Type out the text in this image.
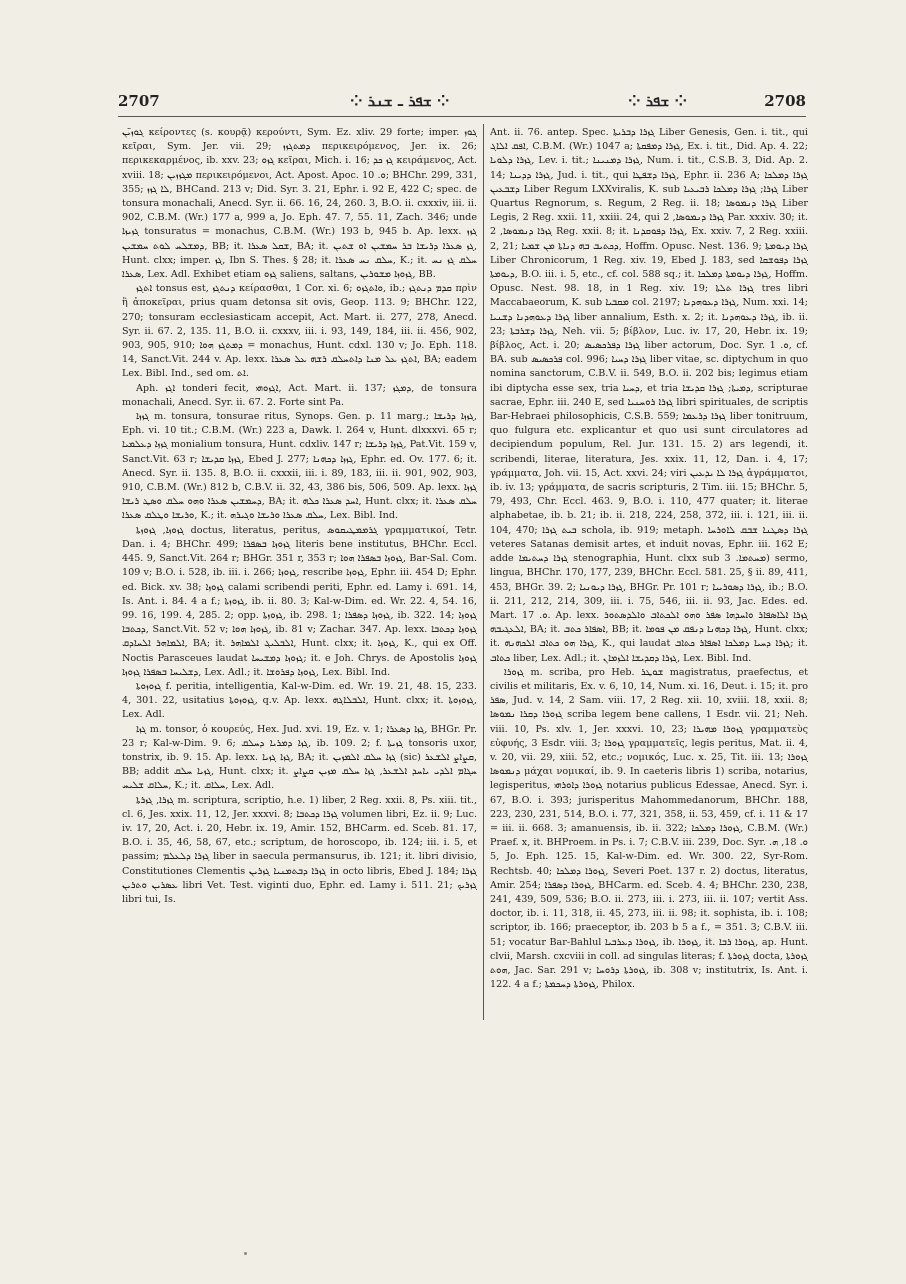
2707	⁘ ܫܦܪ ـ ܫܢܪ ⁘	⁘ ܫܦܪ ⁘	2708

ܓܘܙܝ̈ܢ κείροντες (s. κουρᾷ) κερούντι, Sym. Ez. xliv. 29 forte; imper. ܓܘܙ κεῖραι, Sym. Jer. vii. 29; ܕܡܬܓܙܙ περικειρόμενος, Jer. ix. 26; περικεκαρμένος, ib. xxv. 23; ܓܙܘ κεῖραι, Mich. i. 16; ܓܙ ܟܕ κειράμενος, Act. xviii. 18; ܡܓܙܙܝܢ περικειρόμενοι, Act. Apost. Apoc. ܘ. 10; BHChr. 299, 331, 355; ܠܐ ܓܙܙ, BHCand. 213 v; Did. Syr. 3. 21, Ephr. i. 92 E, 422 C; spec. de tonsura monachali, Anecd. Syr. ii. 66. 16, 24, 260. 3, B.O. ii. cxxxiv, iii. ii. 902, C.B.M. (Wr.) 177 a, 999 a, Jo. Eph. 47. 7, 55. 11, Zach. 346; unde ܓܙܝܙܐ tonsuratus = monachus, C.B.M. (Wr.) 193 b, 945 b. Ap. lexx. ܓܙܙ ܕܡܫܠܚ ܠܘܬ ܚܡܫܝܢ, BB; it. ܫܩܠ ܣܥܪܐ, BA; it. ܓܙ ܣܥܪܐ ܕܪܝܫܐ ܒܪ ܚܡܫܝܢ ܐܘ ܫܬܝܢ, Hunt. clxx; imper. ܓܙ, Ibn S. Thes. § 28; it. ܚܠܩ ܢܚ ܣܥܪܐ, K.; it. ܚܠܩ ܓܙ ܢܚ ܣܥܪܐ, Lex. Adl. Exhibet etiam ܓܙܘ saliens, saltans, ܓܙܘܙܐ ܡܫܘܪܝܢ, BB.

ܐܬܓܙ tonsus est, ܕܢܬܓܙ κείρασθαι, 1 Cor. xi. 6; ܘܐܬܓܙܘ, ib.; ܩܕܡ ܕܢܬܓܙ πρὶν ἢ ἀποκεῖραι, prius quam detonsa sit ovis, Geop. 113. 9; BHChr. 122, 270; tonsuram ecclesiasticam accepit, Act. Mart. ii. 277, 278, Anecd. Syr. ii. 67. 2, 135. 11, B.O. ii. cxxxv, iii. i. 93, 149, 184, iii. ii. 456, 902, 903, 905, 910; ܕܡܬܓܙ ܗܘܐ = monachus, Hunt. cdxl. 130 v; Jo. Eph. 118. 14, Sanct.Vit. 244 v. Ap. lexx. ܐܬܓܙ ܥܠ ܡܢܐ ܕܐܬܚܠܩ ܪܫܗ ܥܠ ܣܥܪܐ, BA; eadem Lex. Bibl. Ind., sed om. ܐܬ.

Aph. ܐܓܙ tonderi fecit, ܐܓܙܘܗܝ, Act. Mart. ii. 137; ܕܡܓܙ, de tonsura monachali, Anecd. Syr. ii. 67. 2. Forte sint Pa.

ܓܙܙܐ m. tonsura, tonsurae ritus, Synops. Gen. p. 11 marg.; ܓܙܙܐ ܕܪܝܫܐ, Eph. vi. 10 tit.; C.B.M. (Wr.) 223 a, Dawk. l. 264 v, Hunt. dlxxxvi. 65 r; ܓܙܙܐ ܕܥܠܡܝܐ monialium tonsura, Hunt. cdxliv. 147 r; ܓܙܙܐ ܕܪܝܫܐ, Pat.Vit. 159 v, Sanct.Vit. 63 r; ܓܙܙܐ ܩܕܝܫܐ, Ebed J. 277; ܓܙܙܐ ܕܟܗܢܐ, Ephr. ed. Ov. 177. 6; it. Anecd. Syr. ii. 135. 8, B.O. ii. cxxxii, iii. i. 89, 183, iii. ii. 901, 902, 903, 910, C.B.M. (Wr.) 812 b, C.B.V. ii. 32, 43, 386 bis, 506, 509. Ap. lexx. ܓܙܙܐ ܕܚܡܫܝܢ ܣܥܪܐ ܘܗܘ ܚܠܩ ܘܣܛ ܪܝܫܐ, BA; it. ܐܚܕ ܣܥܪܐ ܟܠܗ, Hunt. clxx; it. ܚܠܩ ܣܥܪܐ ܘܪܝܫܐ ܘܛܠܩ ܣܥܪܐ, K.; it. ܚܠܩ ܣܥܪܐ ܘܪܝܫܐ ܘܓܝܪܗ, Lex. Bibl. Ind.

ܓܙܘܙܐ, ܓܙܘܙܬܐ doctus, literatus, peritus, ܓܪܡܡܛܝܩܘܣ γραμματικοί, Tetr. Dan. i. 4; BHChr. 499; ܓܙܘܙܐ ܒܣܦܪܐ literis bene institutus, BHChr. Eccl. 445. 9, Sanct.Vit. 264 r; BHGr. 351 r, 353 r; ܓܙܘܙܐ ܒܣܦܪܐ ܗܘܐ, Bar-Sal. Com. 109 v; B.O. i. 528, ib. iii. i. 266; ܓܙܘܙܐ, rescribe ܓܙܘܙܐ, Ephr. iii. 454 D; Ephr. ed. Bick. xv. 38; ܓܙܘܙܐ calami scribendi periti, Ephr. ed. Lamy i. 691. 14, Is. Ant. i. 84. 4 a f.; ܓܙܘܙܬܐ, ib. ii. 80. 3; Kal-w-Dim. ed. Wr. 22. 4, 54. 16, 99. 16, 199. 4, 285. 2; opp. ܓܙܘܙܬܐ, ib. 298. 1; ܓܙܘܙܐ ܕܣܦܪܐ, ib. 322. 14; ܓܙܘܙܐ ܕܟܬܒܐ, Sanct.Vit. 52 v; ܓܙܘܙܐ ܗܘܐ, ib. 81 v; Zachar. 347. Ap. lexx. ܓܙܘܙܐ ܕܟܬܒܐ ܐܠܡܐܗܪ ܐܠܚܐܕܩ, BA; it. ܐܠܒܠܝܓ ܐܠܡܐܗܪ, Hunt. clxx; it. ܓܙܘܙܐ, K., qui ex Off. Noctis Parasceues laudat ܓܙܘܙܐ ܕܡܫܝܚܐ; it. e Joh. Chrys. de Apostolis ܓܙܘܙܐ ܕܫܠܝܚܐ ܒܣܦܪܐ ܓܙܘܙܐ, Lex. Adl.; it. ܓܙܘܙܐ ܕܦܪܘܫܐ, Lex. Bibl. Ind.

ܓܙܘܙܘܬܐ f. peritia, intelligentia, Kal-w-Dim. ed. Wr. 19. 21, 48. 15, 233. 4, 301. 22, usitatius ܓܙܘܙܘܬܐ, q.v. Ap. lexx. ܐܠܒܠܐܓܗ, Hunt. clxx; it. ܓܙܘܙܘܬܐ, Lex. Adl.

ܓܙܐ m. tonsor, ὁ κουρεύς, Hex. Jud. xvi. 19, Ez. v. 1; ܓܙܐ ܕܣܥܪܐ, BHGr. Pr. 23 r; Kal-w-Dim. 9. 6; ܓܙܐ ܕܡܪܝܐ ܕܚܠܩ, ib. 109. 2; f. ܓܙܝܬܐ tonsoris uxor, tonstrix, ib. 9. 15. Ap. lexx. ܓܙܐ ܓܙܝܐ, BA; it. ܓܙܐ ܚܠܩ ܐܠܡܙܝܢ (sic) ܩܨܐܨ ܐܠܫܥܪ, BB; addit ܓܙܝܐ ܚܠܩ, Hunt. clxx; it. ܚܓܐܡ ܐܠܕܝ ܝܐܚܕ ܐܠܫܥܪ, ܓܙܐ ܚܠܩ ܡܙܝܢ ܩܨܐܨ ܚܠܐܩ ܫܠܝܚ, K.; it. ܚܠܐܩ, Lex. Adl.

ܓܙܪܐ, ܓܙܪܬܐ m. scriptura, scriptio, h.e. 1) liber, 2 Reg. xxii. 8, Ps. xiii. tit., cl. 6, Jes. xxix. 11, 12, Jer. xxxvi. 8; ܓܙܪܐ ܕܟܬܒܐ volumen libri, Ez. ii. 9; Luc. iv. 17, 20, Act. i. 20, Hebr. ix. 19, Amir. 152, BHCarm. ed. Sceb. 81. 17, B.O. i. 35, 46, 58, 67, etc.; scriptum, de horoscopo, ib. 124; iii. i. 5, et passim; ܓܙܪܐ ܕܠܥܠܡ liber in saecula permansurus, ib. 121; it. libri divisio, Constitutiones Clementis ܓܙܪܐ ܕܒܬܡܢܝܐ ܓܙܪܝܢ in octo libris, Ebed J. 184; ܓܙܪܐ ܥܣܪܝܢ ܘܬܪܝܢ libri Vet. Test. viginti duo, Ephr. ed. Lamy i. 511. 21; ܓܙܪܝܟ libri tui, Is.

Ant. ii. 76. antep. Spec. ܓܙܪܐ ܕܒܪܝܬܐ Liber Genesis, Gen. i. tit., qui ܐܦܩ ܐܠܐܓ, C.B.M. (Wr.) 1047 a; ܓܙܪܐ ܕܡܦܩܬܐ, Ex. i. tit., Did. Ap. 4. 22; ܓܙܪܐ ܕܠܘܝܐ, Lev. i. tit.; ܓܙܪܐ ܕܡܢܝܢܐ, Num. i. tit., C.S.B. 3, Did. Ap. 2. 14; ܓܙܪܐ ܕܕܝܢܐ, Jud. i. tit., qui ܓܙܪܐ ܕܫܦܛܐ, Ephr. ii. 236 A; ܓܙܪܐ ܕܡܠܟܐ ܕܫܒܥܝܢ Liber Regum LXXviralis, K. sub ܓܙܪܐ; ܓܙܪܐ ܕܡܠܟܐ ܪܒܝܥܝܐ Liber Quartus Regnorum, s. Regum, 2 Reg. ii. 18; ܓܙܪܐ ܕܢܡܘܣܐ Liber Legis, 2 Reg. xxii. 11, xxiii. 24, qui ܓܙܪܐ ܕܢܡܘܣܐ, 2 Par. xxxiv. 30; it. ܓܙܪܐ ܕܢܡܘܣܐ, 2 Reg. xxii. 8; it. ܓܙܪܐ ܕܦܘܩܕܢܐ, Ex. xxiv. 7, 2 Reg. xxiii. 2, 21; ܕܟܬܝܒ ܒܗ ܕܢܐܬܐ ܡܢ ܫܡܝܐ, Hoffm. Opusc. Nest. 136. 9; ܓܙܪܐ ܕܝܘܡܬܐ Liber Chronicorum, 1 Reg. xiv. 19, Ebed J. 183, sed ܓܙܪܐ ܕܦܘܫܩܐ ܕܝܘܡܬܐ, B.O. iii. i. 5, etc., cf. col. 588 sq.; it. ܓܙܪܐ ܕܝܘܡܬܐ ܕܡܠܟܐ, Hoffm. Opusc. Nest. 98. 18, in 1 Reg. xiv. 19; ܓܙܪܐ ܬܠܬܐ tres libri Maccabaeorum, K. sub ܡܩܒܝܐ col. 2197; ܓܙܪܐ ܕܥܘܗܕܢܐ, Num. xxi. 14; ܓܙܪܐ ܕܥܘܗܕܢܐ ܕܫܢܝܐ liber annalium, Esth. x. 2; it. ܓܙܪܐ ܕܥܘܗܕܢܐ, ib. ii. 23; ܓܙܪܐ ܕܫܪܒܬܐ, Neh. vii. 5; βίβλον, Luc. iv. 17, 20, Hebr. ix. 19; βίβλος, Act. i. 20; ܓܙܪܐ ܕܦܪܟܣܝܣ liber actorum, Doc. Syr. ܘ. 1, cf. BA. sub ܦܪܟܣܝܣ col. 996; ܓܙܪܐ ܕܚܝܐ liber vitae, sc. diptychum in quo nomina sanctorum, C.B.V. ii. 549, B.O. ii. 202 bis; legimus etiam ibi diptycha esse sex, tria ܕܚܝܐ, et tria ܕܡܝܬܐ; ܓܙܪܐ ܩܕܝܫܐ, scripturae sacrae, Ephr. iii. 240 E, sed ܓܙܪܐ ܪܘܚܢܝܐ libri spirituales, de scriptis Bar-Hebraei philosophicis, C.S.B. 559; ܓܙܪܐ ܕܪܥܡܐ liber tonitruum, quo fulgura etc. explicantur et quo usi sunt circulatores ad decipiendum populum, Rel. Jur. 131. 15. 2) ars legendi, it. scribendi, literae, literatura, Jes. xxix. 11, 12, Dan. i. 4, 17; γράμματα, Joh. vii. 15, Act. xxvi. 24; viri ܓܙܪܐ ܠܐ ܝܕܥܝܢ ἀγράμματοι, ib. iv. 13; γράμματα, de sacris scripturis, 2 Tim. iii. 15; BHChr. 5, 79, 493, Chr. Eccl. 463. 9, B.O. i. 110, 477 quater; it. literae alphabetae, ib. b. 21; ib. ii. 218, 224, 258, 372, iii. i. 121, iii. ii. 104, 470; ܒܝܬ ܓܙܪܐ schola, ib. 919; metaph. ܓܙܪܐ ܕܣܛܢܐ ܫܒܩ ܠܐܘܪܚܐ veteres Satanas demisit artes, et induit novas, Ephr. iii. 162 E; adde ܓܙܪܐ ܕܚܬܝܡܐ stenographia, Hunt. clxx sub ܡܚܬܡܐ. 3) sermo, lingua, BHChr. 170, 177, 239, BHChr. Eccl. 581. 25, § ii. 89, 411, 453, BHGr. 39. 2; ܓܙܪܐ ܕܝܘܢܝܐ, BHGr. Pr. 101 r; ܓܙܪܐ ܕܣܘܪܝܝܐ, ib.; B.O. ii. 211, 212, 214, 309, iii. i. 75, 546, iii. ii. 93, Jac. Edes. ed. Mart. ܘ. 17. Ap. lexx. ܓܙܪܐ ܐܠܐܣܦܐܪ ܘܐܚܕܗܐ ܣܦܪ ܘܗܘ ܐܠܟܬܐܒ ܘܐܠܕܣܬܘܪ ܐܠܥܓܝܒܗ, BA; it. ܐܣܦܐܪ ܟܬܒ, BB; it. ܓܙܪܐ ܕܟܗܢܐ ܕܢܦܩ ܡܢ ܦܘܡܐ, Hunt. clxx; it. ܓܙܪܐ ܗܘ ܟܬܐܒ ܐܠܟܗܢܗ, K., qui laudat ܓܙܪܐ ܕܚܝܐ ܕܡܠܟܐ ܐܣܦܐܪ ܟܬܐܒ; it. ܟܬܐܒ liber, Lex. Adl.; it. ܓܙܪܐ ܕܩܕܝܫܐ ܐܠܙܡܐܢ, Lex. Bibl. Ind.

ܓܙܘܪܐ m. scriba, pro Heb. ܫܘܛܪ magistratus, praefectus, et civilis et militaris, Ex. v. 6, 10, 14, Num. xi. 16, Deut. i. 15; it. pro ܣܦܪ, Jud. v. 14, 2 Sam. viii. 17, 2 Reg. xii. 10, xviii. 18, xxii. 8; ܓܙܘܪܐ ܕܩܪܐ ܢܡܘܣܐ scriba legem bene callens, 1 Esdr. vii. 21; Neh. viii. 10, Ps. xlv. 1, Jer. xxxvi. 10, 23; ܓܙܘܪܐ ܡܗܝܪܐ γραμματεὺς εὐφυής, 3 Esdr. viii. 3; ܓܙܘܪܐ γραμματεῖς, legis peritus, Mat. ii. 4, v. 20, vii. 29, xiii. 52, etc.; νομικός, Luc. x. 25, Tit. iii. 13; ܓܙܘܪܐ ܕܢܡܘܣܐ μάχαι νομικαί, ib. 9. In caeteris libris 1) scriba, notarius, legisperitus, ܓܙܘܪܐ ܕܐܘܪܗܝ notarius publicus Edessae, Anecd. Syr. i. 67, B.O. i. 393; jurisperitus Mahommedanorum, BHChr. 188, 223, 230, 231, 514, B.O. i. 77, 321, 358, ii. 53, 459, cf. i. 11 & 17 = iii. ii. 668. 3; amanuensis, ib. ii. 322; ܓܙܘܪܐ ܕܡܠܟܐ, C.B.M. (Wr.) Praef. x, it. BHProem. in Ps. i. 7; C.B.V. iii. 239, Doc. Syr. ܘ. 18, ܗ. 5, Jo. Eph. 125. 15, Kal-w-Dim. ed. Wr. 300. 22, Syr-Rom. Rechtsb. 40; ܓܙܘܪܐ ܕܡܠܟܐ, Severi Poet. 137 r. 2) doctus, literatus, Amir. 254; ܓܙܘܪܐ ܕܣܦܪܐ, BHCarm. ed. Sceb. 4. 4; BHChr. 230, 238, 241, 439, 509, 536; B.O. ii. 273, iii. i. 273, iii. ii. 107; vertit Ass. doctor, ib. i. 11, 318, ii. 45, 273, iii. ii. 98; it. sophista, ib. i. 108; scriptor, ib. 166; praeceptor, ib. 203 b 5 a f., = 351. 3; C.B.V. iii. 51; vocatur Bar-Bahlul ܓܙܘܪܐ ܕܥܪܒܝܐ, ib. ܓܙܘܪܐ, it. ܓܙܘܪܐ ܪܒܐ, ap. Hunt. clvii, Marsh. cxcviii in coll. ad singulas literas; f. ܓܙܘܪܬܐ docta, ܓܙܘܪܬܐ ܗܘܬ, Jac. Sar. 291 v; ܓܙܘܪܬܐ ܕܪܘܚܐ, ib. 308 v; institutrix, Is. Ant. i. 122. 4 a f.; ܓܙܘܪܬܐ ܕܚܟܡܬܐ, Philox.
